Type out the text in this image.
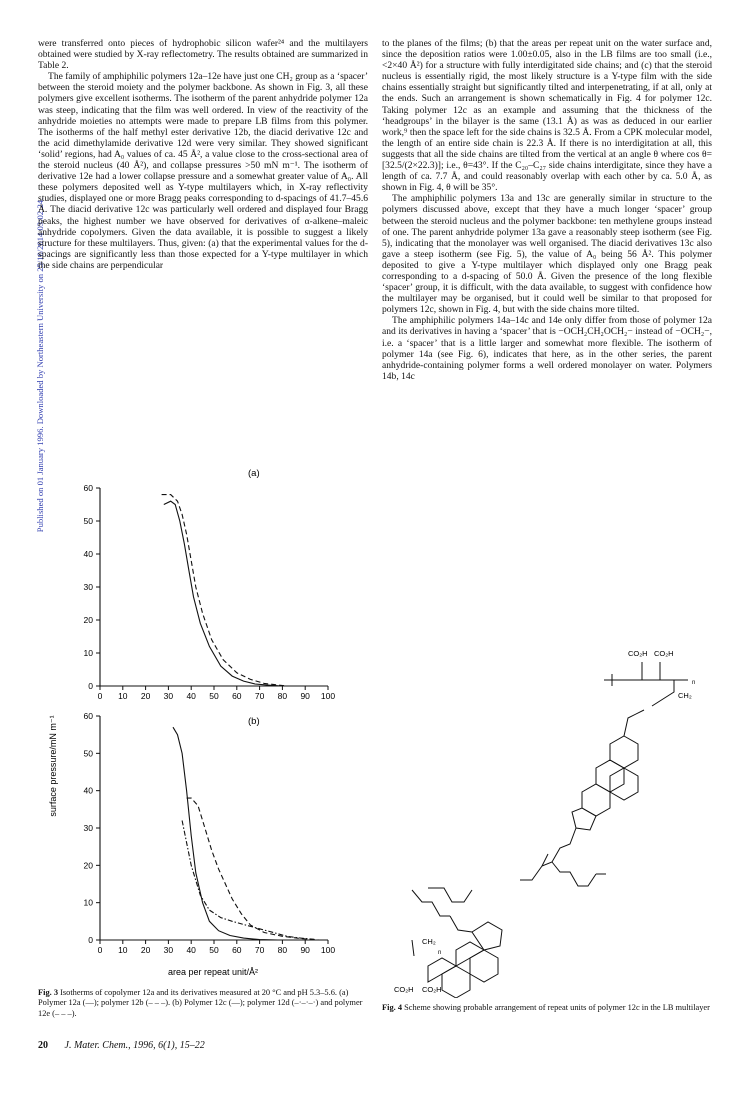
Published on 01 January 1996. Downloaded by Northeastern University on 25/10/2014 03:02:24.

were transferred onto pieces of hydrophobic silicon wafer²⁴ and the multilayers obtained were studied by X-ray reflectometry. The results obtained are summarized in Table 2.

The family of amphiphilic polymers 12a–12e have just one CH₂ group as a ‘spacer’ between the steroid moiety and the polymer backbone. As shown in Fig. 3, all these polymers give excellent isotherms. The isotherm of the parent anhydride polymer 12a was steep, indicating that the film was well ordered. In view of the reactivity of the anhydride moieties no attempts were made to prepare LB films from this polymer. The isotherms of the half methyl ester derivative 12b, the diacid derivative 12c and the acid dimethylamide derivative 12d were very similar. They showed significant ‘solid’ regions, had A₀ values of ca. 45 Å², a value close to the cross-sectional area of the steroid nucleus (40 Å²), and collapse pressures >50 mN m⁻¹. The isotherm of derivative 12e had a lower collapse pressure and a somewhat greater value of A₀. All these polymers deposited well as Y-type multilayers which, in X-ray reflectivity studies, displayed one or more Bragg peaks corresponding to d-spacings of 41.7–45.6 Å. The diacid derivative 12c was particularly well ordered and displayed four Bragg peaks, the highest number we have observed for derivatives of α-alkene–maleic anhydride copolymers. Given the data available, it is possible to suggest a likely structure for these multilayers. Thus, given: (a) that the experimental values for the d-spacings are significantly less than those expected for a Y-type multilayer in which the side chains are perpendicular

to the planes of the films; (b) that the areas per repeat unit on the water surface and, since the deposition ratios were 1.00±0.05, also in the LB films are too small (i.e., <2×40 Å²) for a structure with fully interdigitated side chains; and (c) that the steroid nucleus is essentially rigid, the most likely structure is a Y-type film with the side chains essentially straight but significantly tilted and interpenetrating, if at all, only at the ends. Such an arrangement is shown schematically in Fig. 4 for polymer 12c. Taking polymer 12c as an example and assuming that the thickness of the ‘headgroups’ in the bilayer is the same (13.1 Å) as was as deduced in our earlier work,⁹ then the space left for the side chains is 32.5 Å. From a CPK molecular model, the length of an entire side chain is 22.3 Å. If there is no interdigitation at all, this suggests that all the side chains are tilted from the vertical at an angle θ where cos θ=[32.5/(2×22.3)]; i.e., θ=43°. If the C₂₀–C₂₇ side chains interdigitate, since they have a length of ca. 7.7 Å, and could reasonably overlap with each other by ca. 5.0 Å, as shown in Fig. 4, θ will be 35°.

The amphiphilic polymers 13a and 13c are generally similar in structure to the polymers discussed above, except that they have a much longer ‘spacer’ group between the steroid nucleus and the polymer backbone: ten methylene groups instead of one. The parent anhydride polymer 13a gave a reasonably steep isotherm (see Fig. 5), indicating that the monolayer was well organised. The diacid derivatives 13c also gave a steep isotherm (see Fig. 5), the value of A₀ being 56 Å². This polymer deposited to give a Y-type multilayer which displayed only one Bragg peak corresponding to a d-spacing of 50.0 Å. Given the presence of the long flexible ‘spacer’ group, it is difficult, with the data available, to suggest with confidence how the multilayer may be organised, but it could well be similar to that proposed for polymers 12c, shown in Fig. 4, but with the side chains more tilted.

The amphiphilic polymers 14a–14c and 14e only differ from those of polymer 12a and its derivatives in having a ‘spacer’ that is −OCH₂CH₂OCH₂− instead of −OCH₂−, i.e. a ‘spacer’ that is a little larger and somewhat more flexible. The isotherm of polymer 14a (see Fig. 6), indicates that here, as in the other series, the parent anhydride-containing polymer forms a well ordered monolayer on water. Polymers 14b, 14c

surface pressure/mN m⁻¹
0
10
20
30
40
50
60
0 10 20 30 40 50 60 70 80 90 100
(a)
0
10
20
30
40
50
60
0 10 20 30 40 50 60 70 80 90 100
(b)
area per repeat unit/Å²
CO₂H CO₂H
CH₂
n
CH₂
n
CO₂H CO₂H
Fig. 3 Isotherms of copolymer 12a and its derivatives measured at 20 °C and pH 5.3–5.6. (a) Polymer 12a (—); polymer 12b (– – –). (b) Polymer 12c (—); polymer 12d (–·–·–·) and polymer 12e (– – –).
Fig. 4 Scheme showing probable arrangement of repeat units of polymer 12c in the LB multilayer
20 J. Mater. Chem., 1996, 6(1), 15–22
